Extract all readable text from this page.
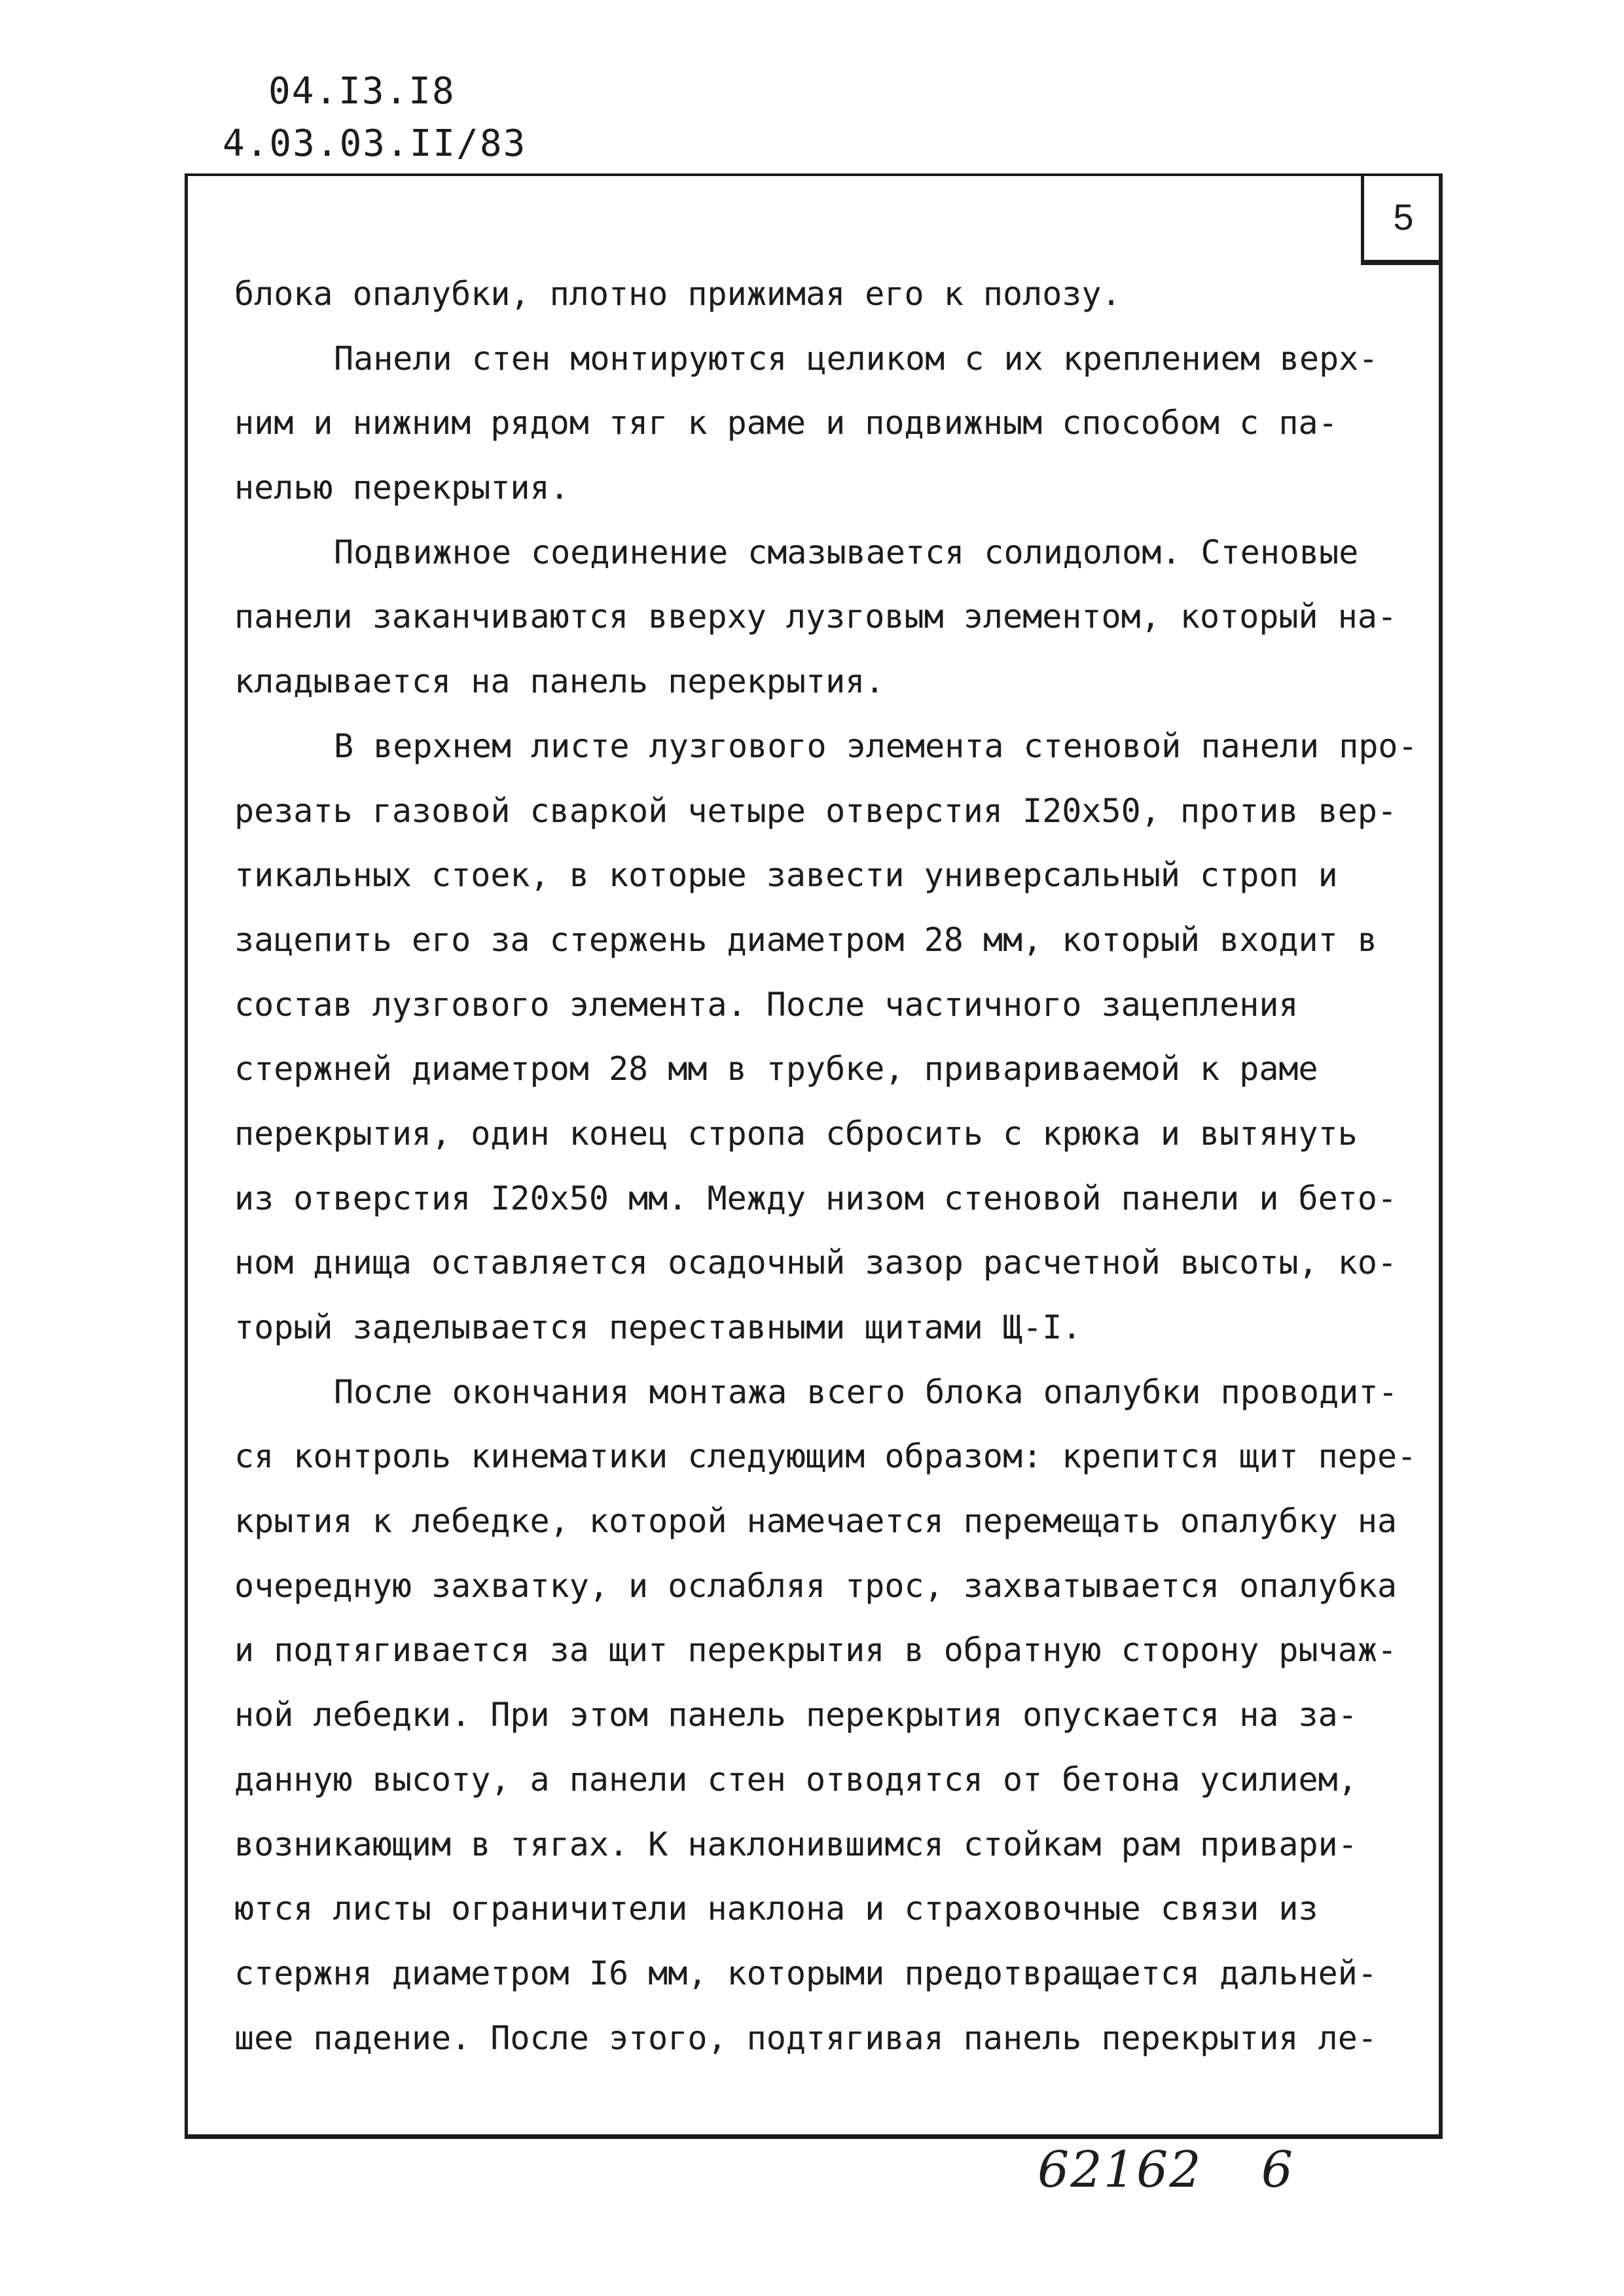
04.I3.I8
4.03.03.II/83
5
блока опалубки, плотно прижимая его к полозу.
Панели стен монтируются целиком с их креплением верх-
ним и нижним рядом тяг к раме и подвижным способом с па-
нелью перекрытия.
Подвижное соединение смазывается солидолом. Стеновые
панели заканчиваются вверху лузговым элементом, который на-
кладывается на панель перекрытия.
В верхнем листе лузгового элемента стеновой панели про-
резать газовой сваркой четыре отверстия I20x50, против вер-
тикальных стоек, в которые завести универсальный строп и
зацепить его за стержень диаметром 28 мм, который входит в
состав лузгового элемента. После частичного зацепления
стержней диаметром 28 мм в трубке, привариваемой к раме
перекрытия, один конец стропа сбросить с крюка и вытянуть
из отверстия I20x50 мм. Между низом стеновой панели и бето-
ном днища оставляется осадочный зазор расчетной высоты, ко-
торый заделывается переставными щитами Щ-I.
После окончания монтажа всего блока опалубки проводит-
ся контроль кинематики следующим образом: крепится щит пере-
крытия к лебедке, которой намечается перемещать опалубку на
очередную захватку, и ослабляя трос, захватывается опалубка
и подтягивается за щит перекрытия в обратную сторону рычаж-
ной лебедки. При этом панель перекрытия опускается на за-
данную высоту, а панели стен отводятся от бетона усилием,
возникающим в тягах. К наклонившимся стойкам рам привари-
ются листы ограничители наклона и страховочные связи из
стержня диаметром I6 мм, которыми предотвращается дальней-
шее падение. После этого, подтягивая панель перекрытия ле-
62162 6
